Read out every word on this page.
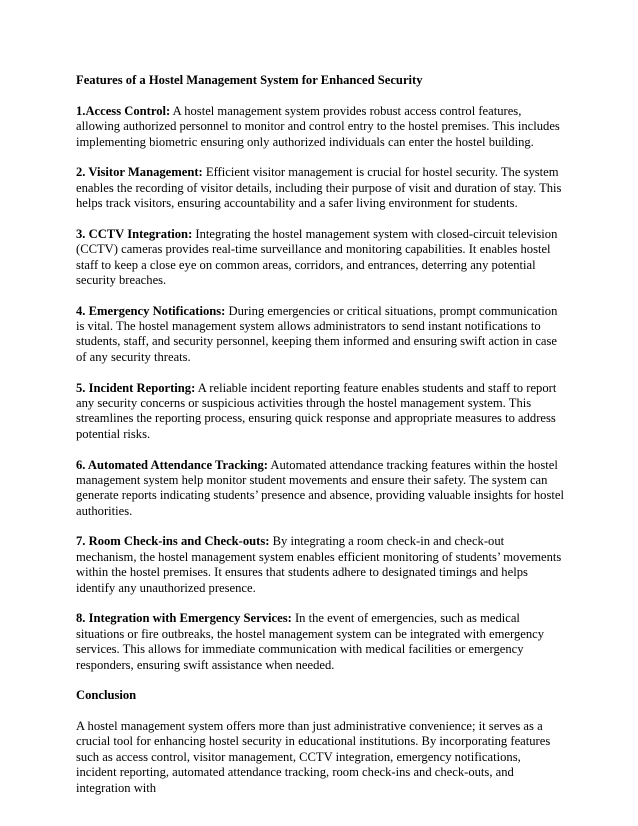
Features of a Hostel Management System for Enhanced Security

1.Access Control: A hostel management system provides robust access control features, allowing authorized personnel to monitor and control entry to the hostel premises. This includes implementing biometric ensuring only authorized individuals can enter the hostel building.

2. Visitor Management: Efficient visitor management is crucial for hostel security. The system enables the recording of visitor details, including their purpose of visit and duration of stay. This helps track visitors, ensuring accountability and a safer living environment for students.

3. CCTV Integration: Integrating the hostel management system with closed-circuit television (CCTV) cameras provides real-time surveillance and monitoring capabilities. It enables hostel staff to keep a close eye on common areas, corridors, and entrances, deterring any potential security breaches.

4. Emergency Notifications: During emergencies or critical situations, prompt communication is vital. The hostel management system allows administrators to send instant notifications to students, staff, and security personnel, keeping them informed and ensuring swift action in case of any security threats.

5. Incident Reporting: A reliable incident reporting feature enables students and staff to report any security concerns or suspicious activities through the hostel management system. This streamlines the reporting process, ensuring quick response and appropriate measures to address potential risks.

6. Automated Attendance Tracking: Automated attendance tracking features within the hostel management system help monitor student movements and ensure their safety. The system can generate reports indicating students’ presence and absence, providing valuable insights for hostel authorities.

7. Room Check-ins and Check-outs: By integrating a room check-in and check-out mechanism, the hostel management system enables efficient monitoring of students’ movements within the hostel premises. It ensures that students adhere to designated timings and helps identify any unauthorized presence.

8. Integration with Emergency Services: In the event of emergencies, such as medical situations or fire outbreaks, the hostel management system can be integrated with emergency services. This allows for immediate communication with medical facilities or emergency responders, ensuring swift assistance when needed.

Conclusion

A hostel management system offers more than just administrative convenience; it serves as a crucial tool for enhancing hostel security in educational institutions. By incorporating features such as access control, visitor management, CCTV integration, emergency notifications, incident reporting, automated attendance tracking, room check-ins and check-outs, and integration with
